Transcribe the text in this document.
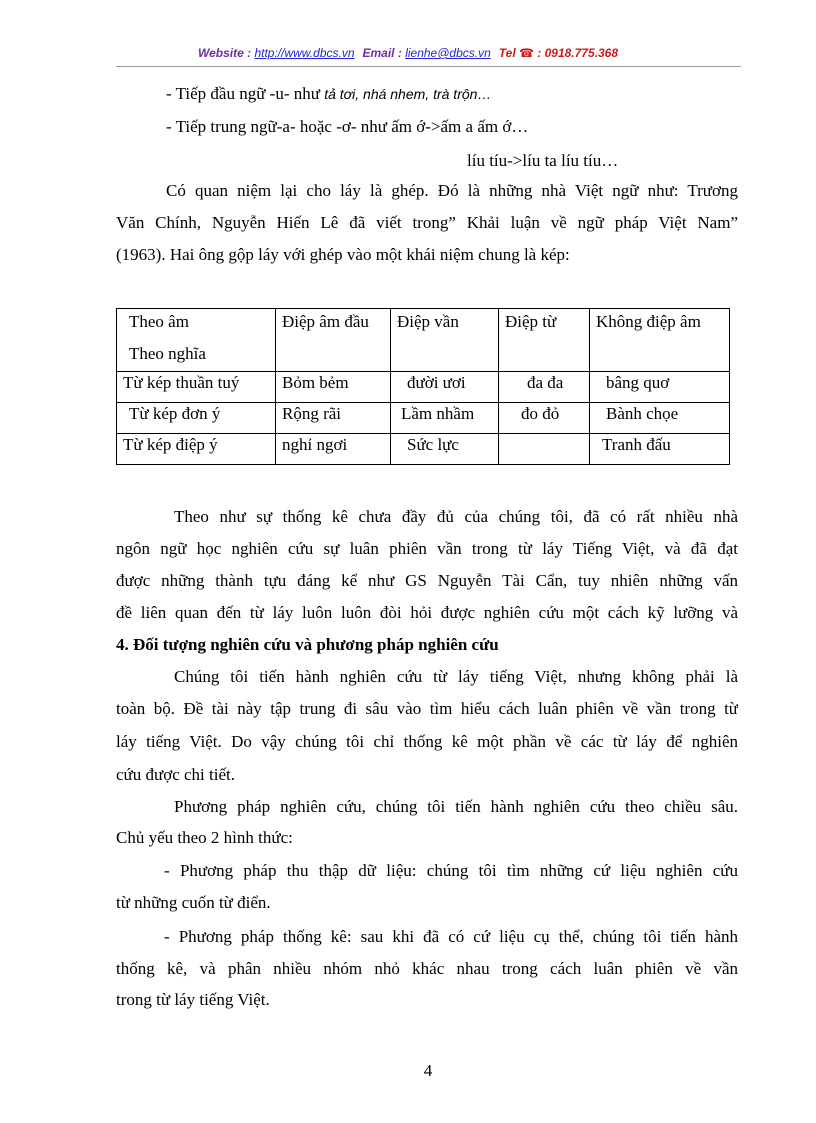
Website : http://www.dbcs.vn Email : lienhe@dbcs.vn Tel ☎ : 0918.775.368
- Tiếp đầu ngữ -u- như tả tơi, nhá nhem, trà trộn…
- Tiếp trung ngữ-a- hoặc -ơ- như ấm ớ->ấm a ấm ớ…
líu tíu->líu ta líu tíu…
Có quan niệm lại cho láy là ghép. Đó là những nhà Việt ngữ như: Trương
Văn Chính, Nguyễn Hiến Lê đã viết trong” Khải luận về ngữ pháp Việt Nam”
(1963). Hai ông gộp láy với ghép vào một khái niệm chung là kép:
Theo âm
Theo nghĩa	Điệp âm đầu	Điệp vần	Điệp từ	Không điệp âm
Từ kép thuần tuý	Bỏm bẻm	đười ươi	đa đa	bâng quơ
Từ kép đơn ý	Rộng rãi	Lầm nhầm	đo đỏ	Bành chọe
Từ kép điệp ý	nghỉ ngơi	Sức lực		Tranh đấu
Theo như sự thống kê chưa đầy đủ của chúng tôi, đã có rất nhiều nhà
ngôn ngữ học nghiên cứu sự luân phiên vần trong từ láy Tiếng Việt, và đã đạt
được những thành tựu đáng kể như GS Nguyễn Tài Cẩn, tuy nhiên những vấn
đề liên quan đến từ láy luôn luôn đòi hỏi được nghiên cứu một cách kỹ lưỡng và
4. Đối tượng nghiên cứu và phương pháp nghiên cứu
Chúng tôi tiến hành nghiên cứu từ láy tiếng Việt, nhưng không phải là
toàn bộ. Đề tài này tập trung đi sâu vào tìm hiểu cách luân phiên về vần trong từ
láy tiếng Việt. Do vậy chúng tôi chỉ thống kê một phần về các từ láy để nghiên
cứu được chi tiết.
Phương pháp nghiên cứu, chúng tôi tiến hành nghiên cứu theo chiều sâu.
Chủ yếu theo 2 hình thức:
- Phương pháp thu thập dữ liệu: chúng tôi tìm những cứ liệu nghiên cứu
từ những cuốn từ điển.
- Phương pháp thống kê: sau khi đã có cứ liệu cụ thể, chúng tôi tiến hành
thống kê, và phân nhiều nhóm nhỏ khác nhau trong cách luân phiên về vần
trong từ láy tiếng Việt.
4
